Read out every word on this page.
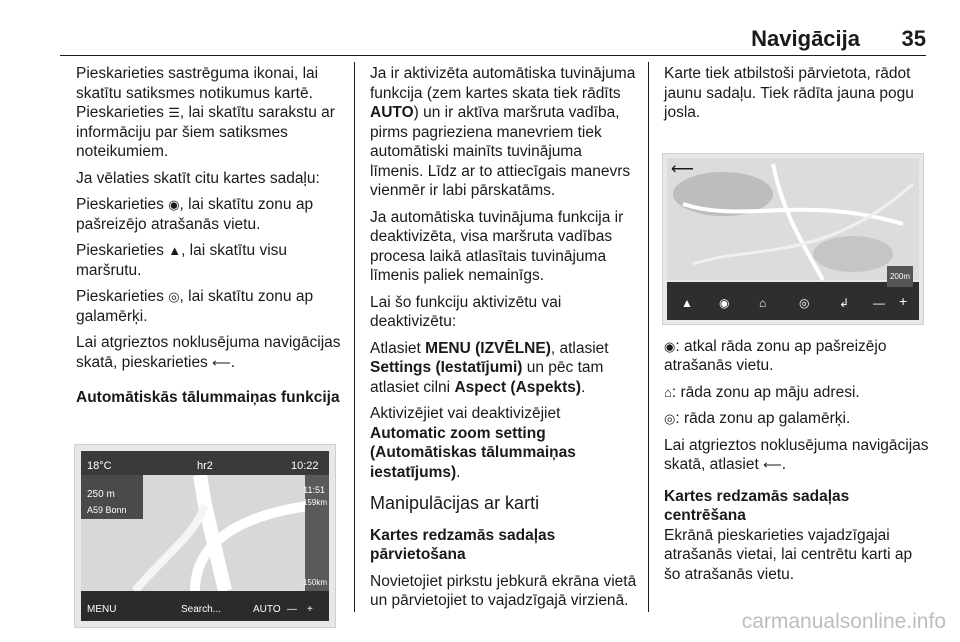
Navigācija 35

Pieskarieties sastrēguma ikonai, lai skatītu satiksmes notikumus kartē. Pieskarieties ☰, lai skatītu sarakstu ar informāciju par šiem satiksmes noteikumiem.

Ja vēlaties skatīt citu kartes sadaļu:

Pieskarieties ◉, lai skatītu zonu ap pašreizējo atrašanās vietu.

Pieskarieties ▲, lai skatītu visu maršrutu.

Pieskarieties ◎, lai skatītu zonu ap galamērķi.

Lai atgrieztos noklusējuma navigācijas skatā, pieskarieties ⟵.

Automātiskās tālummaiņas funkcija
18°C	hr2	10:22
250 m
A59 Bonn
11:51
159km
150km
MENU	Search...	AUTO — +

Ja ir aktivizēta automātiska tuvinājuma funkcija (zem kartes skata tiek rādīts AUTO) un ir aktīva maršruta vadība, pirms pagrieziena manevriem tiek automātiski mainīts tuvinājuma līmenis. Līdz ar to attiecīgais manevrs vienmēr ir labi pārskatāms.

Ja automātiska tuvinājuma funkcija ir deaktivizēta, visa maršruta vadības procesa laikā atlasītais tuvinājuma līmenis paliek nemainīgs.

Lai šo funkciju aktivizētu vai deaktivizētu:

Atlasiet MENU (IZVĒLNE), atlasiet Settings (Iestatījumi) un pēc tam atlasiet cilni Aspect (Aspekts).

Aktivizējiet vai deaktivizējiet Automatic zoom setting (Automātiskas tālummaiņas iestatījums).

Manipulācijas ar karti
Kartes redzamās sadaļas pārvietošana

Novietojiet pirkstu jebkurā ekrāna vietā un pārvietojiet to vajadzīgajā virzienā.

Karte tiek atbilstoši pārvietota, rādot jaunu sadaļu. Tiek rādīta jauna pogu josla.

⟵
200m
▲ ◉ ⌂	◎ ↲ — +

◉: atkal rāda zonu ap pašreizējo atrašanās vietu.

⌂: rāda zonu ap māju adresi.

◎: rāda zonu ap galamērķi.

Lai atgrieztos noklusējuma navigācijas skatā, atlasiet ⟵.

Kartes redzamās sadaļas centrēšana

Ekrānā pieskarieties vajadzīgajai atrašanās vietai, lai centrētu karti ap šo atrašanās vietu.

carmanualsonline.info
